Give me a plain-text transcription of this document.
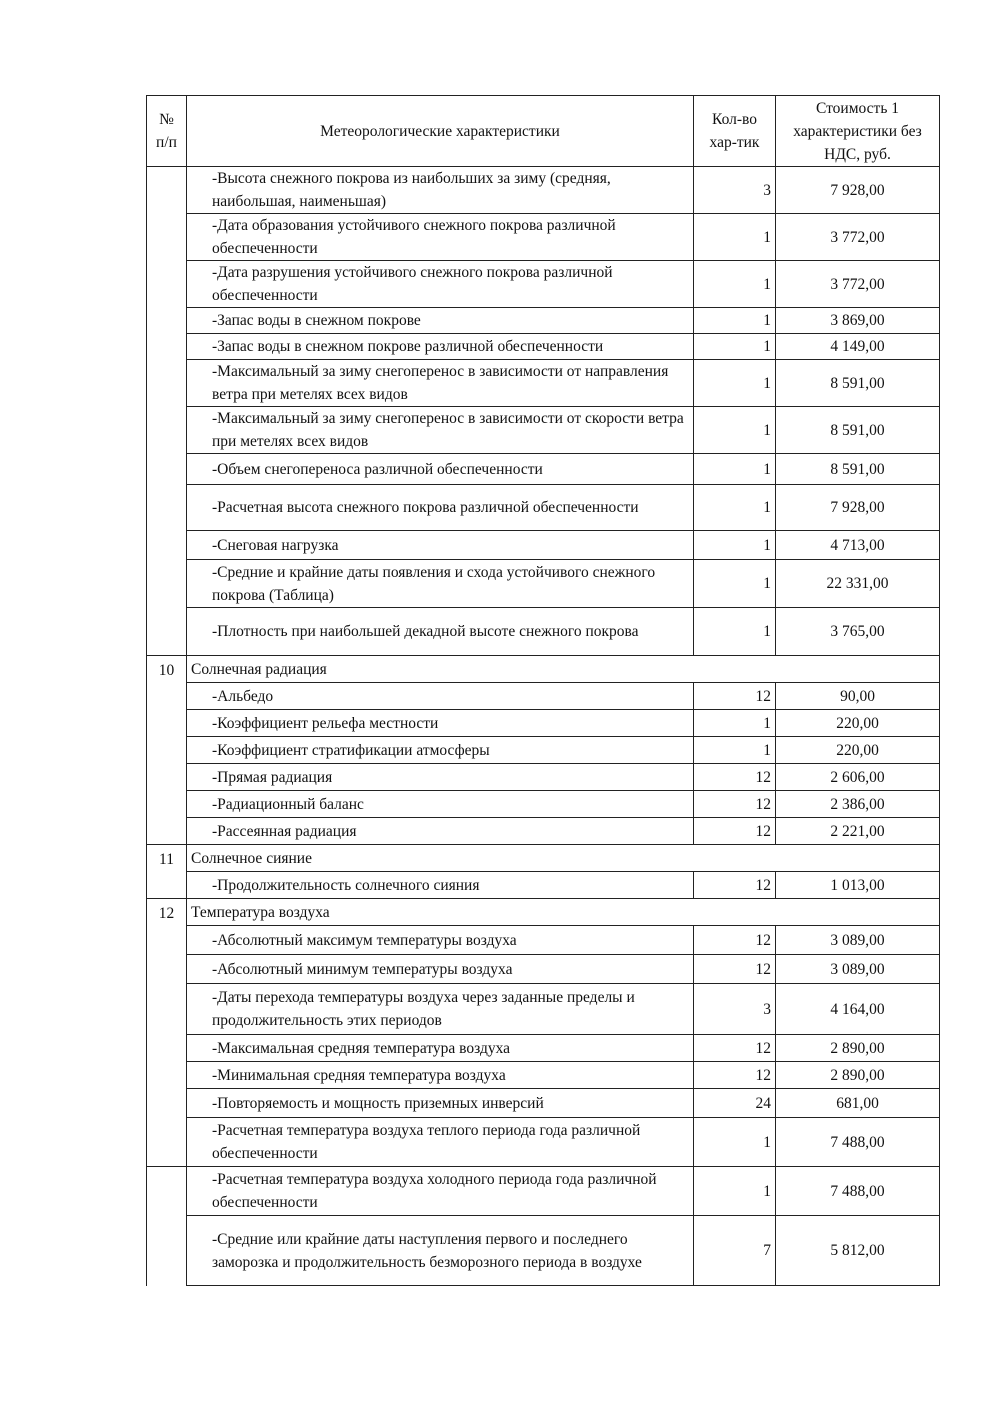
№ п/п	Метеорологические характеристики	Кол-во хар-тик	Стоимость 1 характеристики без НДС, руб.
	-Высота снежного покрова из наибольших за зиму (средняя, наибольшая, наименьшая)	3	7 928,00
	-Дата образования устойчивого снежного покрова различной обеспеченности	1	3 772,00
	-Дата разрушения устойчивого снежного покрова различной обеспеченности	1	3 772,00
	-Запас воды в снежном покрове	1	3 869,00
	-Запас воды в снежном покрове различной обеспеченности	1	4 149,00
	-Максимальный за зиму снегоперенос в зависимости от направления ветра при метелях всех видов	1	8 591,00
	-Максимальный за зиму снегоперенос в зависимости от скорости ветра при метелях всех видов	1	8 591,00
	-Объем снегопереноса различной обеспеченности	1	8 591,00
	-Расчетная высота снежного покрова различной обеспеченности	1	7 928,00
	-Снеговая нагрузка	1	4 713,00
	-Средние и крайние даты появления и схода устойчивого снежного покрова (Таблица)	1	22 331,00
	-Плотность при наибольшей декадной высоте снежного покрова	1	3 765,00
10	Солнечная радиация		
	-Альбедо	12	90,00
	-Коэффициент рельефа местности	1	220,00
	-Коэффициент стратификации атмосферы	1	220,00
	-Прямая радиация	12	2 606,00
	-Радиационный баланс	12	2 386,00
	-Рассеянная радиация	12	2 221,00
11	Солнечное сияние		
	-Продолжительность солнечного сияния	12	1 013,00
12	Температура воздуха		
	-Абсолютный максимум температуры воздуха	12	3 089,00
	-Абсолютный минимум температуры воздуха	12	3 089,00
	-Даты перехода температуры воздуха через заданные пределы и продолжительность этих периодов	3	4 164,00
	-Максимальная средняя температура воздуха	12	2 890,00
	-Минимальная средняя температура воздуха	12	2 890,00
	-Повторяемость и мощность приземных инверсий	24	681,00
	-Расчетная температура воздуха теплого периода года различной обеспеченности	1	7 488,00
	-Расчетная температура воздуха холодного периода года различной обеспеченности	1	7 488,00
	-Средние или крайние даты наступления первого и последнего заморозка и продолжительность безморозного периода в воздухе	7	5 812,00
